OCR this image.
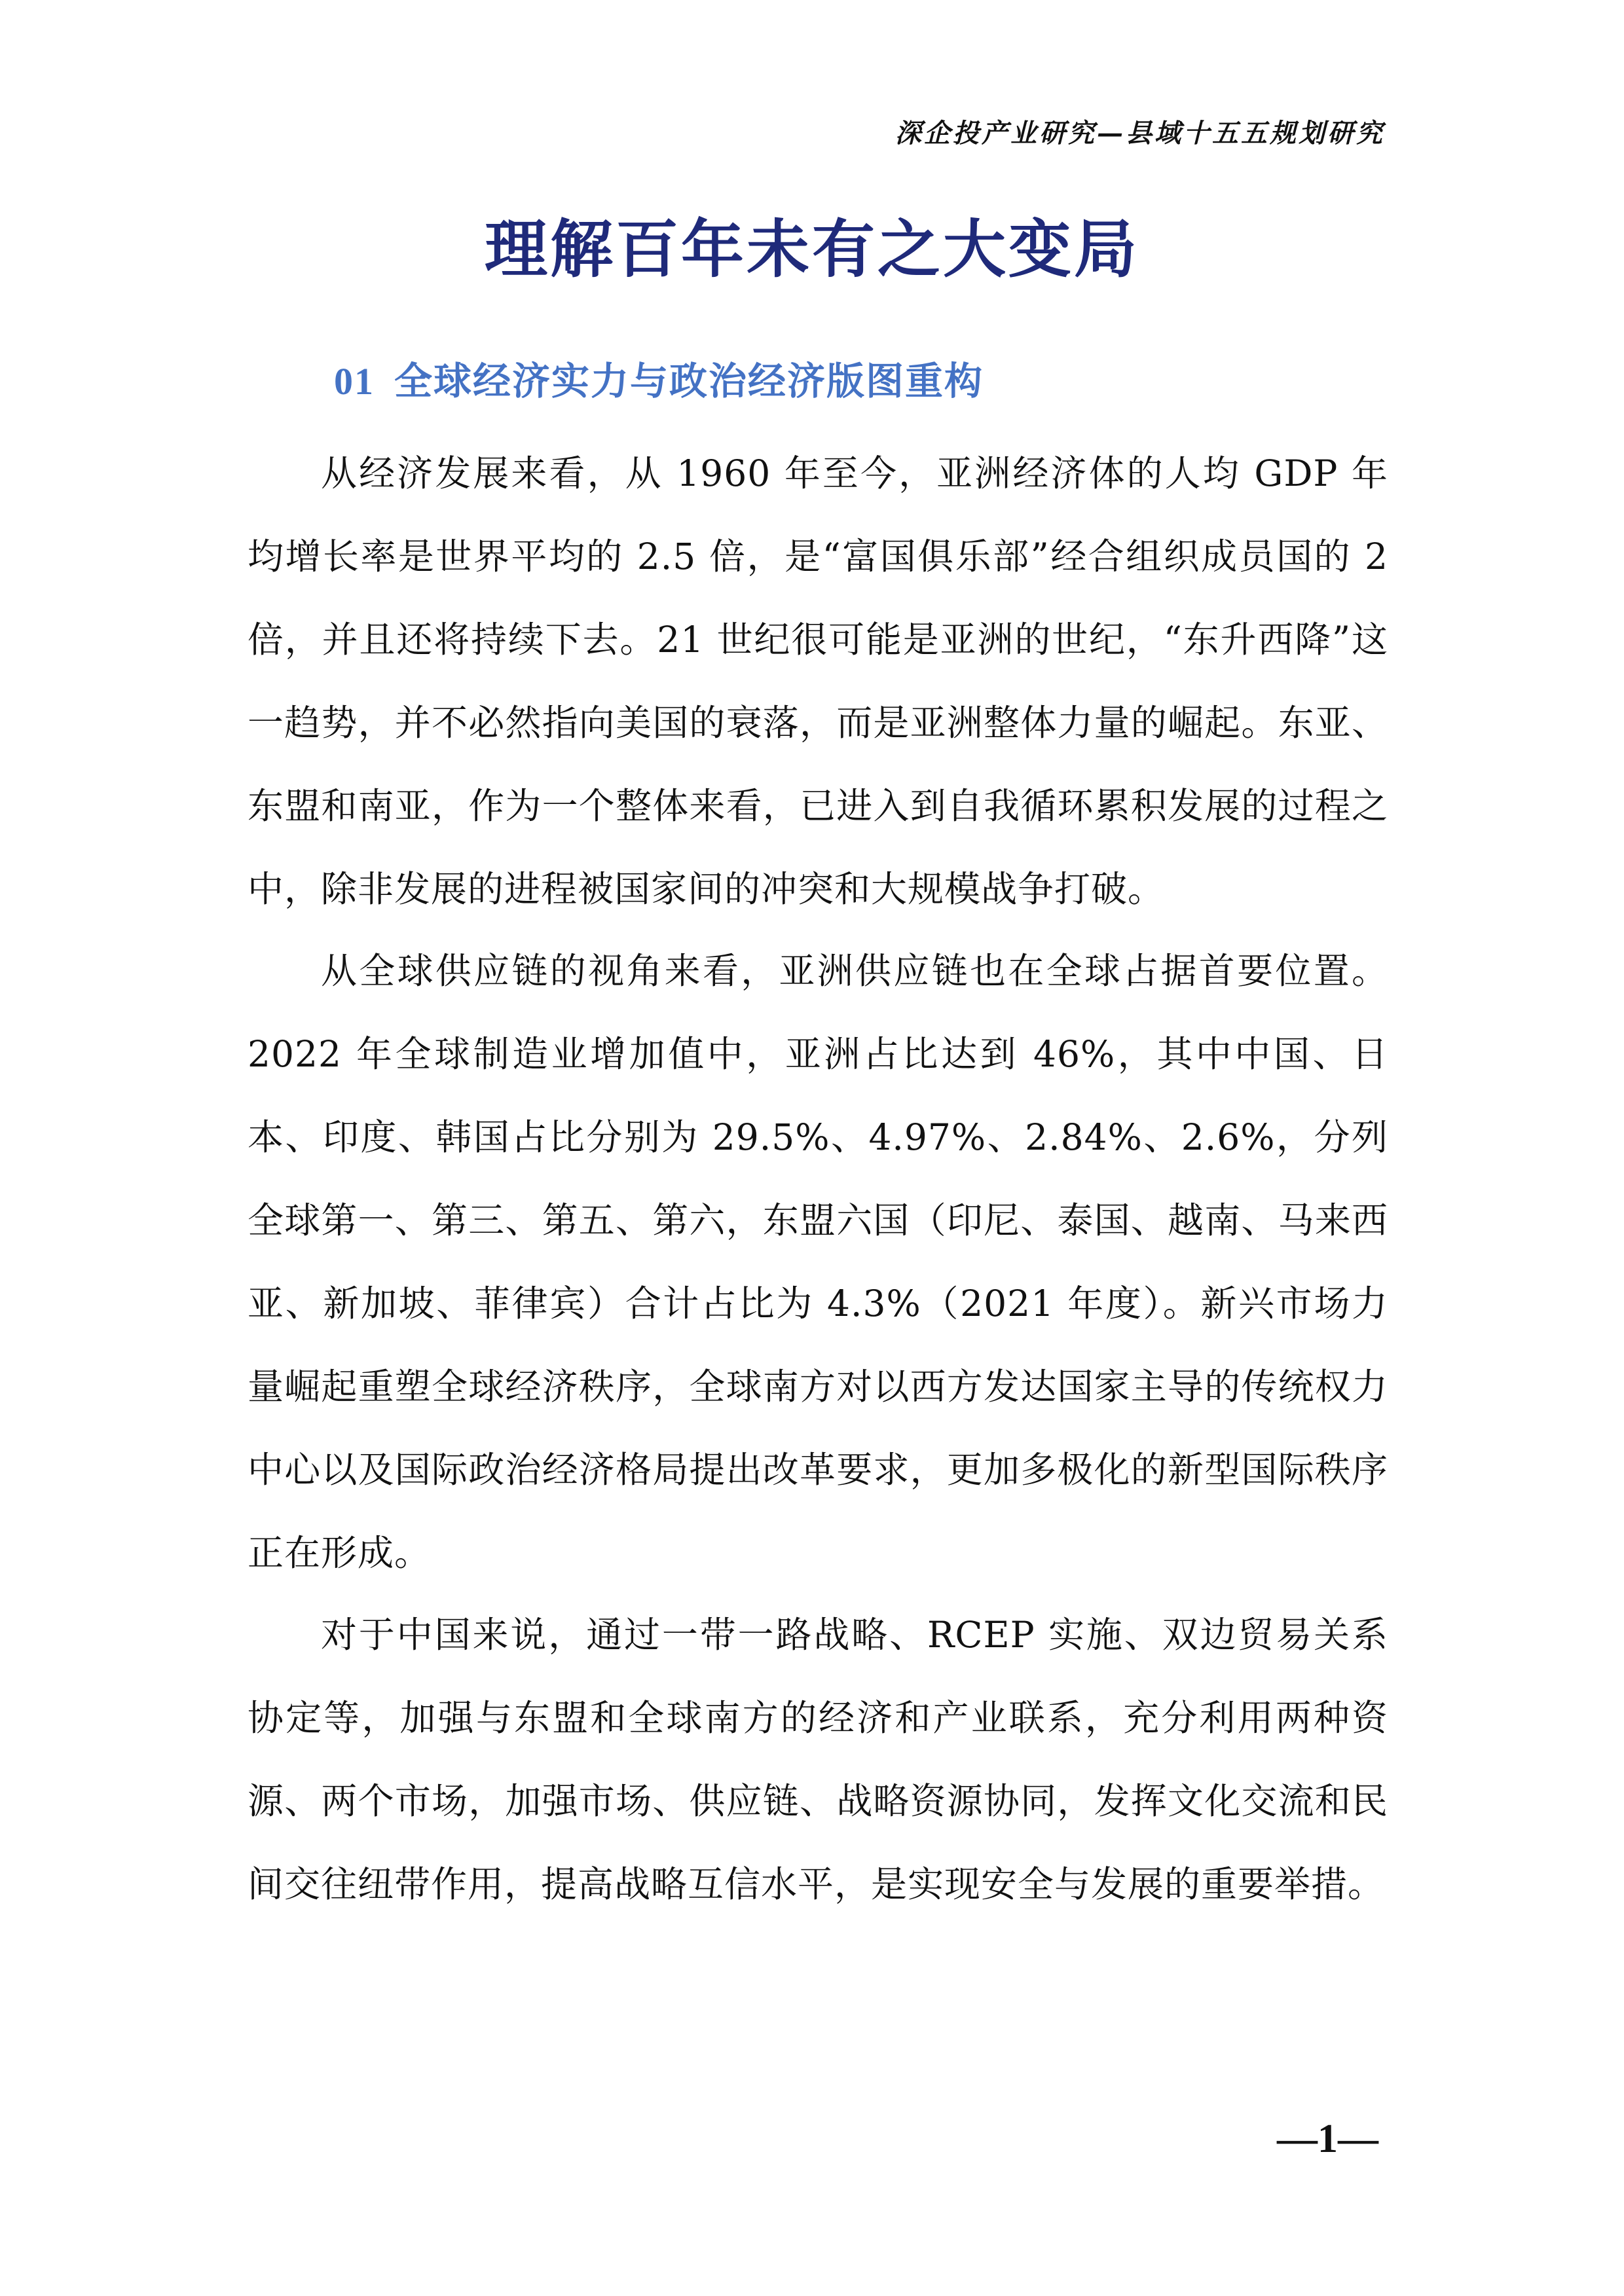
深企投产业研究—县域十五五规划研究
理解百年未有之大变局
01 全球经济实力与政治经济版图重构

从经济发展来看，从 1960 年至今，亚洲经济体的人均 GDP 年均增长率是世界平均的 2.5 倍，是“富国俱乐部”经合组织成员国的 2 倍，并且还将持续下去。21 世纪很可能是亚洲的世纪，“东升西降”这一趋势，并不必然指向美国的衰落，而是亚洲整体力量的崛起。东亚、东盟和南亚，作为一个整体来看，已进入到自我循环累积发展的过程之中，除非发展的进程被国家间的冲突和大规模战争打破。

从全球供应链的视角来看，亚洲供应链也在全球占据首要位置。2022 年全球制造业增加值中，亚洲占比达到 46%，其中中国、日本、印度、韩国占比分别为 29.5%、4.97%、2.84%、2.6%，分列全球第一、第三、第五、第六，东盟六国（印尼、泰国、越南、马来西亚、新加坡、菲律宾）合计占比为 4.3%（2021 年度）。新兴市场力量崛起重塑全球经济秩序，全球南方对以西方发达国家主导的传统权力中心以及国际政治经济格局提出改革要求，更加多极化的新型国际秩序正在形成。

对于中国来说，通过一带一路战略、RCEP 实施、双边贸易关系协定等，加强与东盟和全球南方的经济和产业联系，充分利用两种资源、两个市场，加强市场、供应链、战略资源协同，发挥文化交流和民间交往纽带作用，提高战略互信水平，是实现安全与发展的重要举措。

—1—
